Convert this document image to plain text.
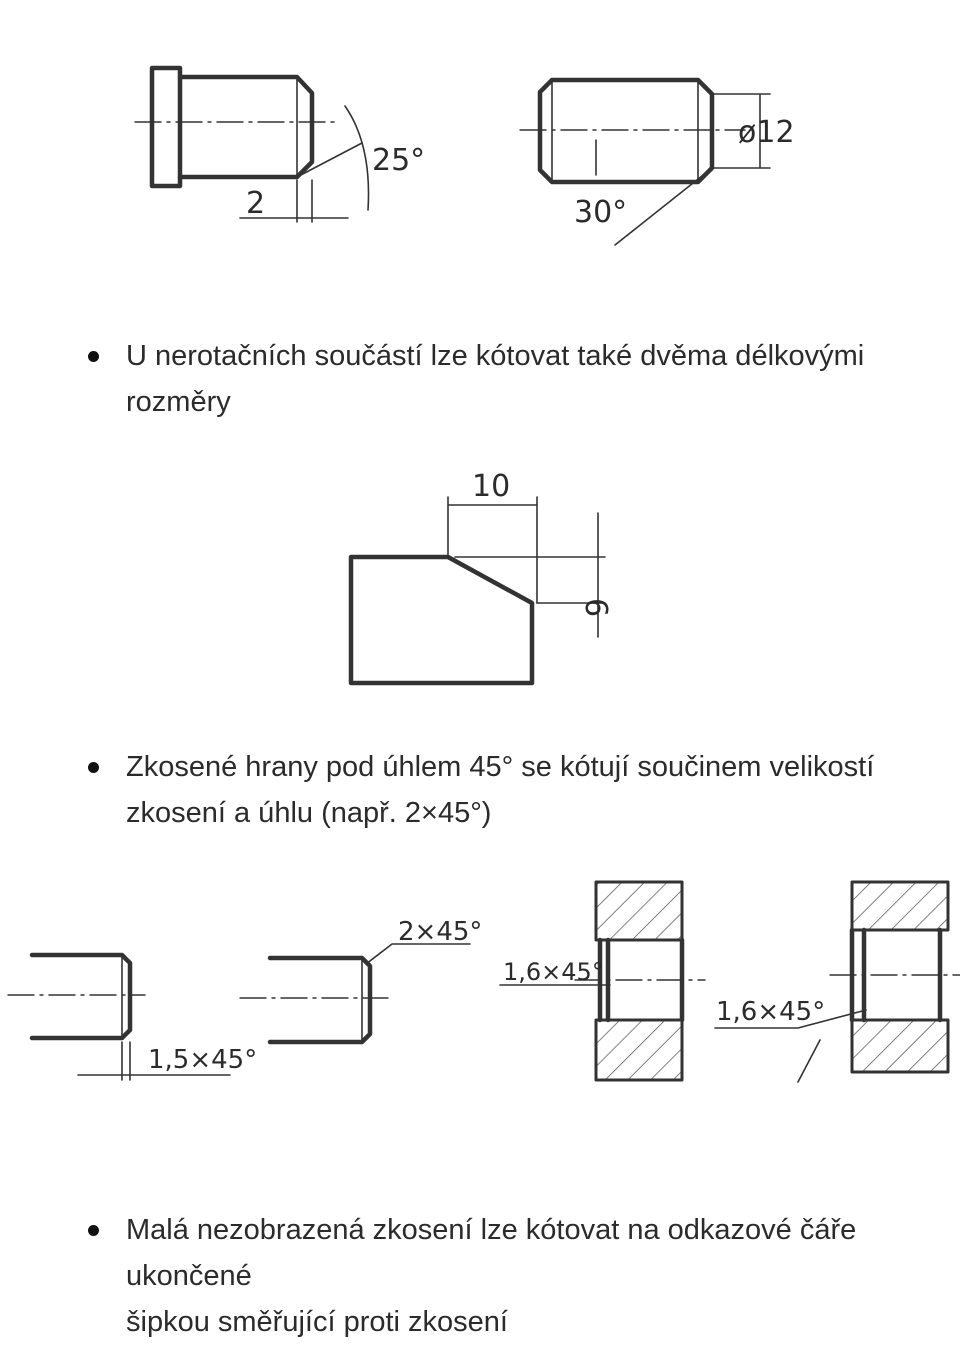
2
25°
ø12
30°

U nerotačních součástí lze kótovat také dvěma délkovými
rozměry

10
6

Zkosené hrany pod úhlem 45° se kótují součinem velikostí
zkosení a úhlu (např. 2×45°)

1,5×45°
2×45°
1,6×45°
1,6×45°

Malá nezobrazená zkosení lze kótovat na odkazové čáře ukončené
šipkou směřující proti zkosení
